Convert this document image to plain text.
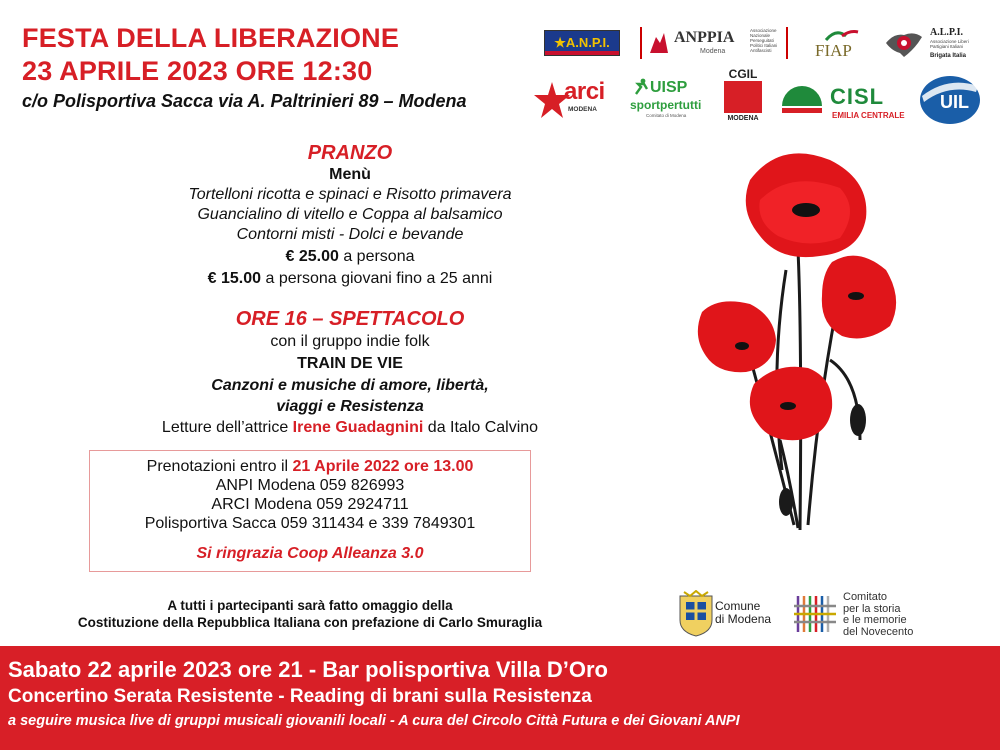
FESTA DELLA LIBERAZIONE
23 APRILE 2023 ORE 12:30
c/o Polisportiva Sacca via A. Paltrinieri 89 – Modena
★A.N.P.I.	ANPPIA
Modena
Associazione
Nazionale
Perseguitati
Politici Italiani
Antifascisti	FIAP
A.L.P.I.
Associazione Liberi
Partigiani Italiani
Brigata Italia
arci
MODENA
UISP
sportpertutti
Comitato di Modena
CGIL
MODENA
CISL
EMILIA CENTRALE
UIL
PRANZO
Menù
Tortelloni ricotta e spinaci e Risotto primavera
Guancialino di vitello e Coppa al balsamico
Contorni misti - Dolci e bevande
€ 25.00 a persona
€ 15.00 a persona giovani fino a 25 anni
ORE 16 – SPETTACOLO
con il gruppo indie folk
TRAIN DE VIE
Canzoni e musiche di amore, libertà,
viaggi e Resistenza
Letture dell’attrice Irene Guadagnini da Italo Calvino
Prenotazioni entro il 21 Aprile 2022 ore 13.00
ANPI Modena 059 826993
ARCI Modena 059 2924711
Polisportiva Sacca 059 311434 e 339 7849301
Si ringrazia Coop Alleanza 3.0
A tutti i partecipanti sarà fatto omaggio della
Costituzione della Repubblica Italiana con prefazione di Carlo Smuraglia
Comune
di Modena
Comitato
per la storia
e le memorie
del Novecento
Sabato 22 aprile 2023 ore 21 - Bar polisportiva Villa D’Oro
Concertino Serata Resistente - Reading di brani sulla Resistenza
a seguire musica live di gruppi musicali giovanili locali - A cura del Circolo Città Futura e dei Giovani ANPI
